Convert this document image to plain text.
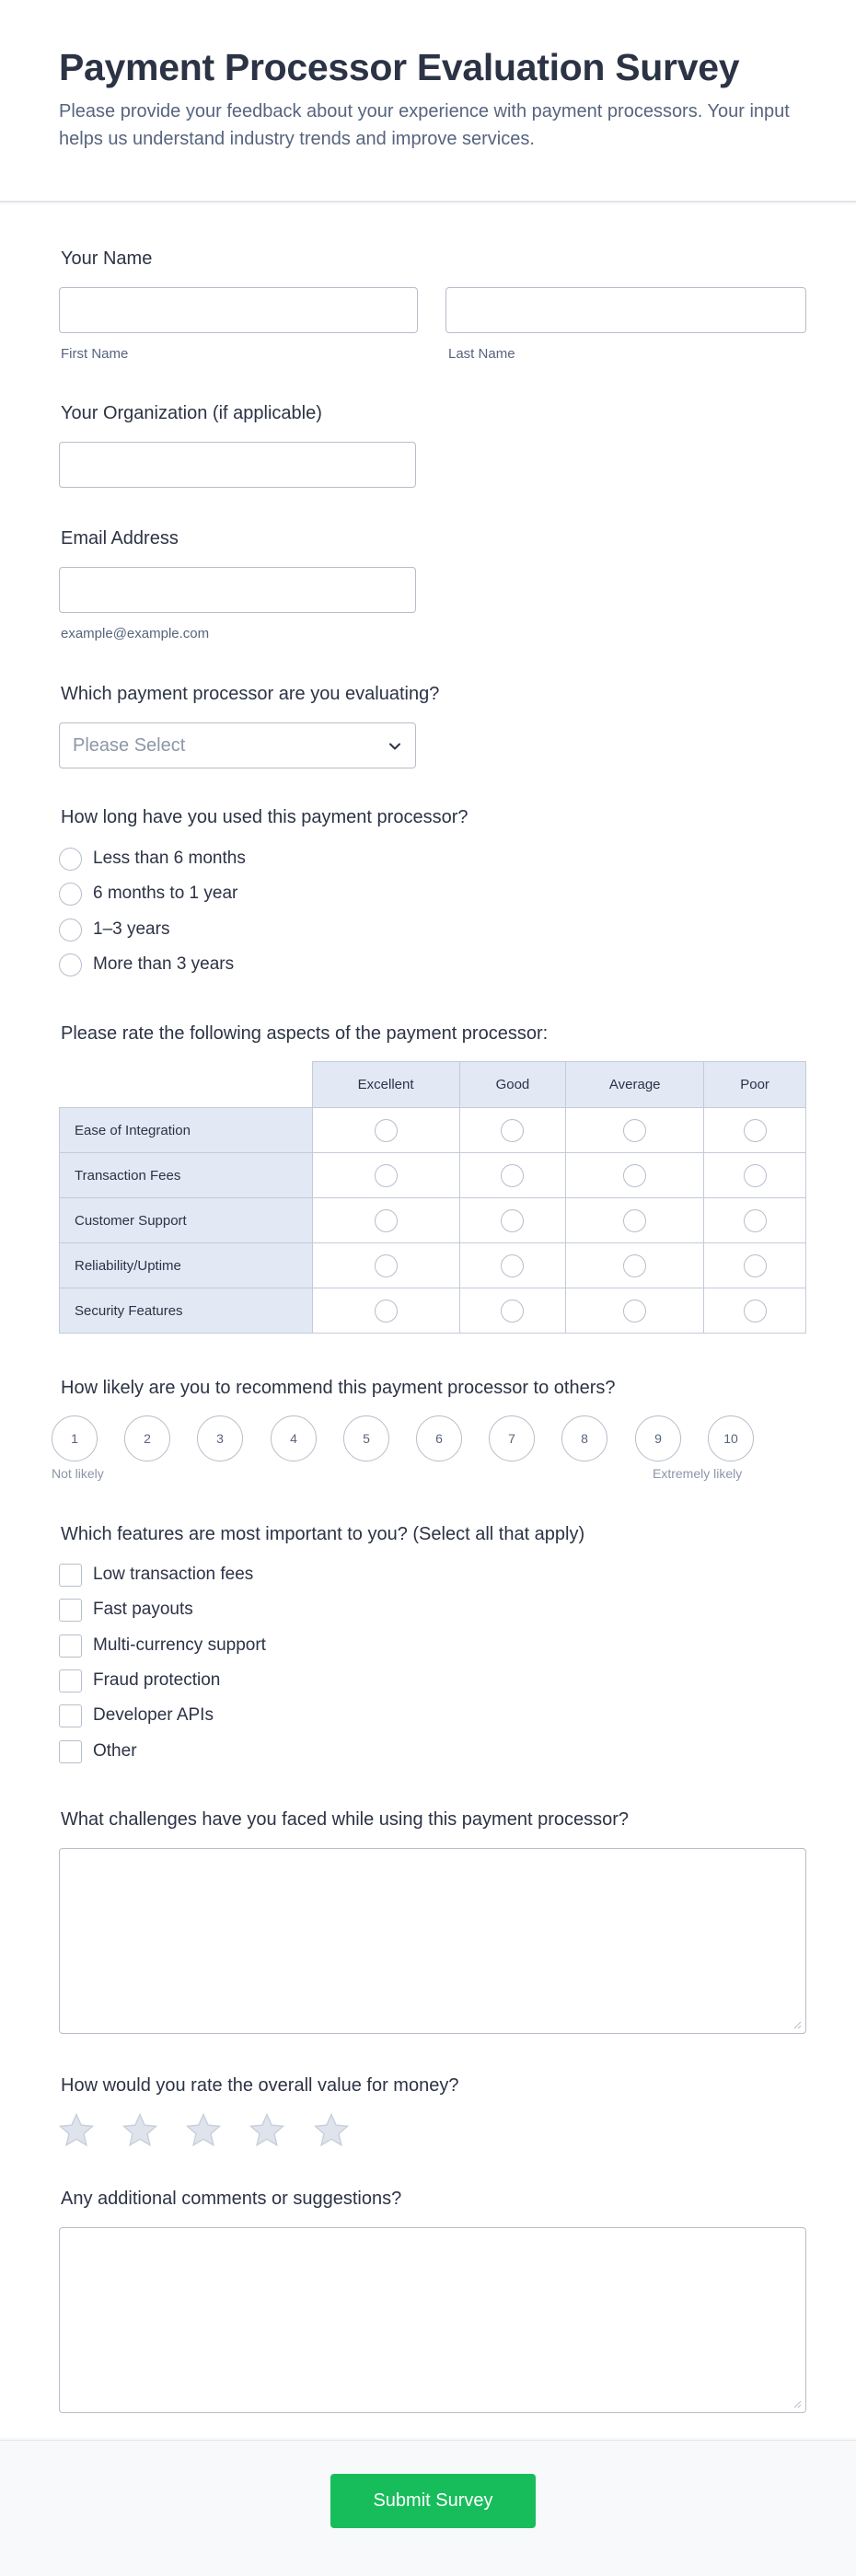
Payment Processor Evaluation Survey

Please provide your feedback about your experience with payment processors. Your input helps us understand industry trends and improve services.

Your Name
First Name	Last Name
Your Organization (if applicable)
Email Address
example@example.com
Which payment processor are you evaluating?
Please Select
How long have you used this payment processor?
Less than 6 months
6 months to 1 year
1–3 years
More than 3 years
Please rate the following aspects of the payment processor:
	Excellent	Good	Average	Poor
Ease of Integration				
Transaction Fees				
Customer Support				
Reliability/Uptime				
Security Features				
How likely are you to recommend this payment processor to others?
1	2	3	4	5	6	7	8	9	10
Not likely	Extremely likely
Which features are most important to you? (Select all that apply)
Low transaction fees
Fast payouts
Multi-currency support
Fraud protection
Developer APIs
Other
What challenges have you faced while using this payment processor?
How would you rate the overall value for money?
Any additional comments or suggestions?
Submit Survey
